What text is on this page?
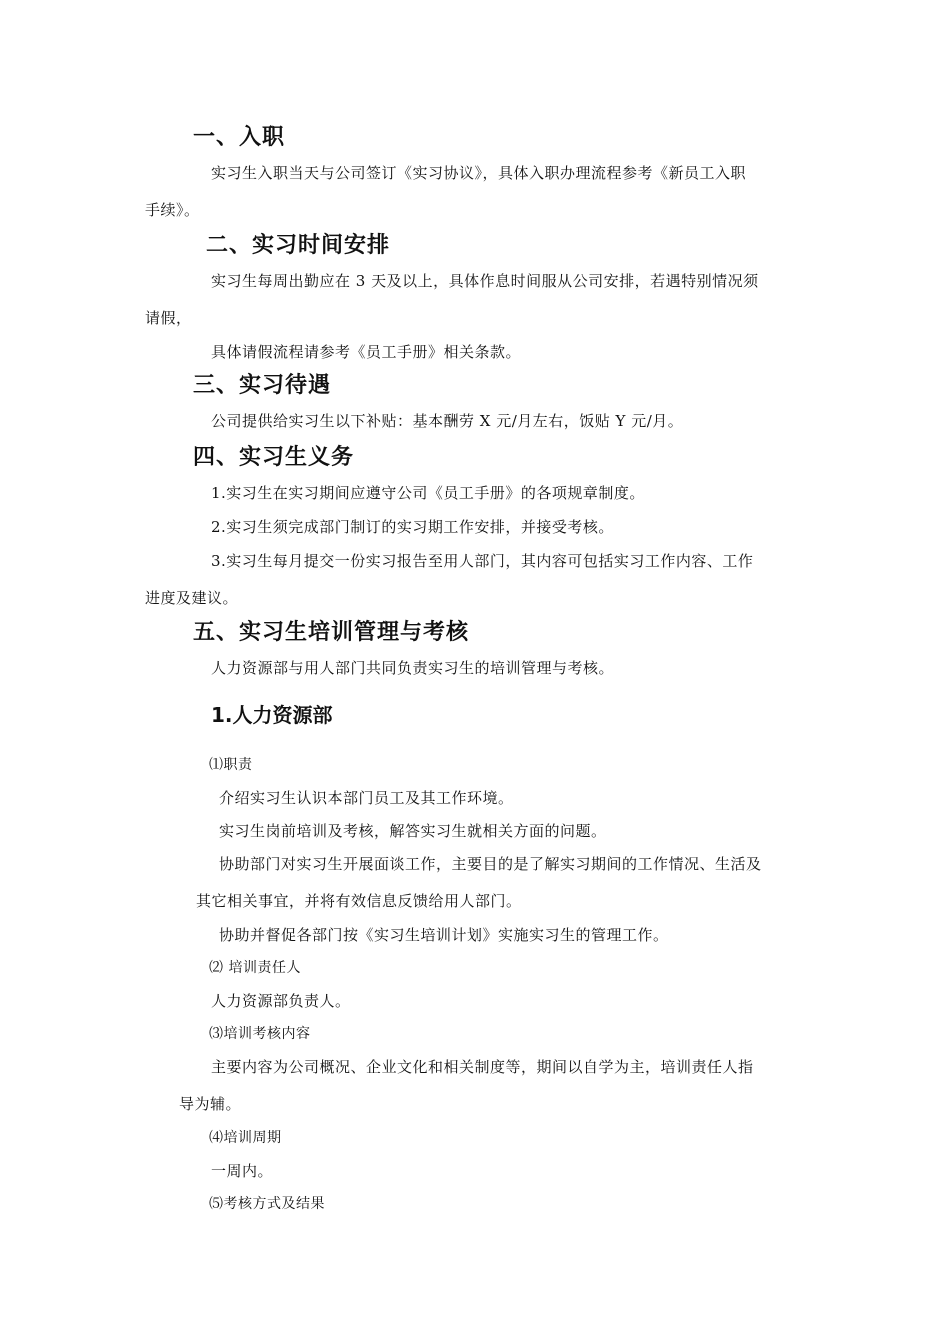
一、入职
实习生入职当天与公司签订《实习协议》，具体入职办理流程参考《新员工入职
手续》。
二、实习时间安排
实习生每周出勤应在 3 天及以上，具体作息时间服从公司安排，若遇特别情况须
请假，
具体请假流程请参考《员工手册》相关条款。
三、实习待遇
公司提供给实习生以下补贴：基本酬劳 X 元/月左右，饭贴 Y 元/月。
四、实习生义务
1.实习生在实习期间应遵守公司《员工手册》的各项规章制度。
2.实习生须完成部门制订的实习期工作安排，并接受考核。
3.实习生每月提交一份实习报告至用人部门，其内容可包括实习工作内容、工作
进度及建议。
五、实习生培训管理与考核
人力资源部与用人部门共同负责实习生的培训管理与考核。
1.人力资源部
⑴职责
介绍实习生认识本部门员工及其工作环境。
实习生岗前培训及考核，解答实习生就相关方面的问题。
协助部门对实习生开展面谈工作，主要目的是了解实习期间的工作情况、生活及
其它相关事宜，并将有效信息反馈给用人部门。
协助并督促各部门按《实习生培训计划》实施实习生的管理工作。
⑵ 培训责任人
人力资源部负责人。
⑶培训考核内容
主要内容为公司概况、企业文化和相关制度等，期间以自学为主，培训责任人指
导为辅。
⑷培训周期
一周内。
⑸考核方式及结果
